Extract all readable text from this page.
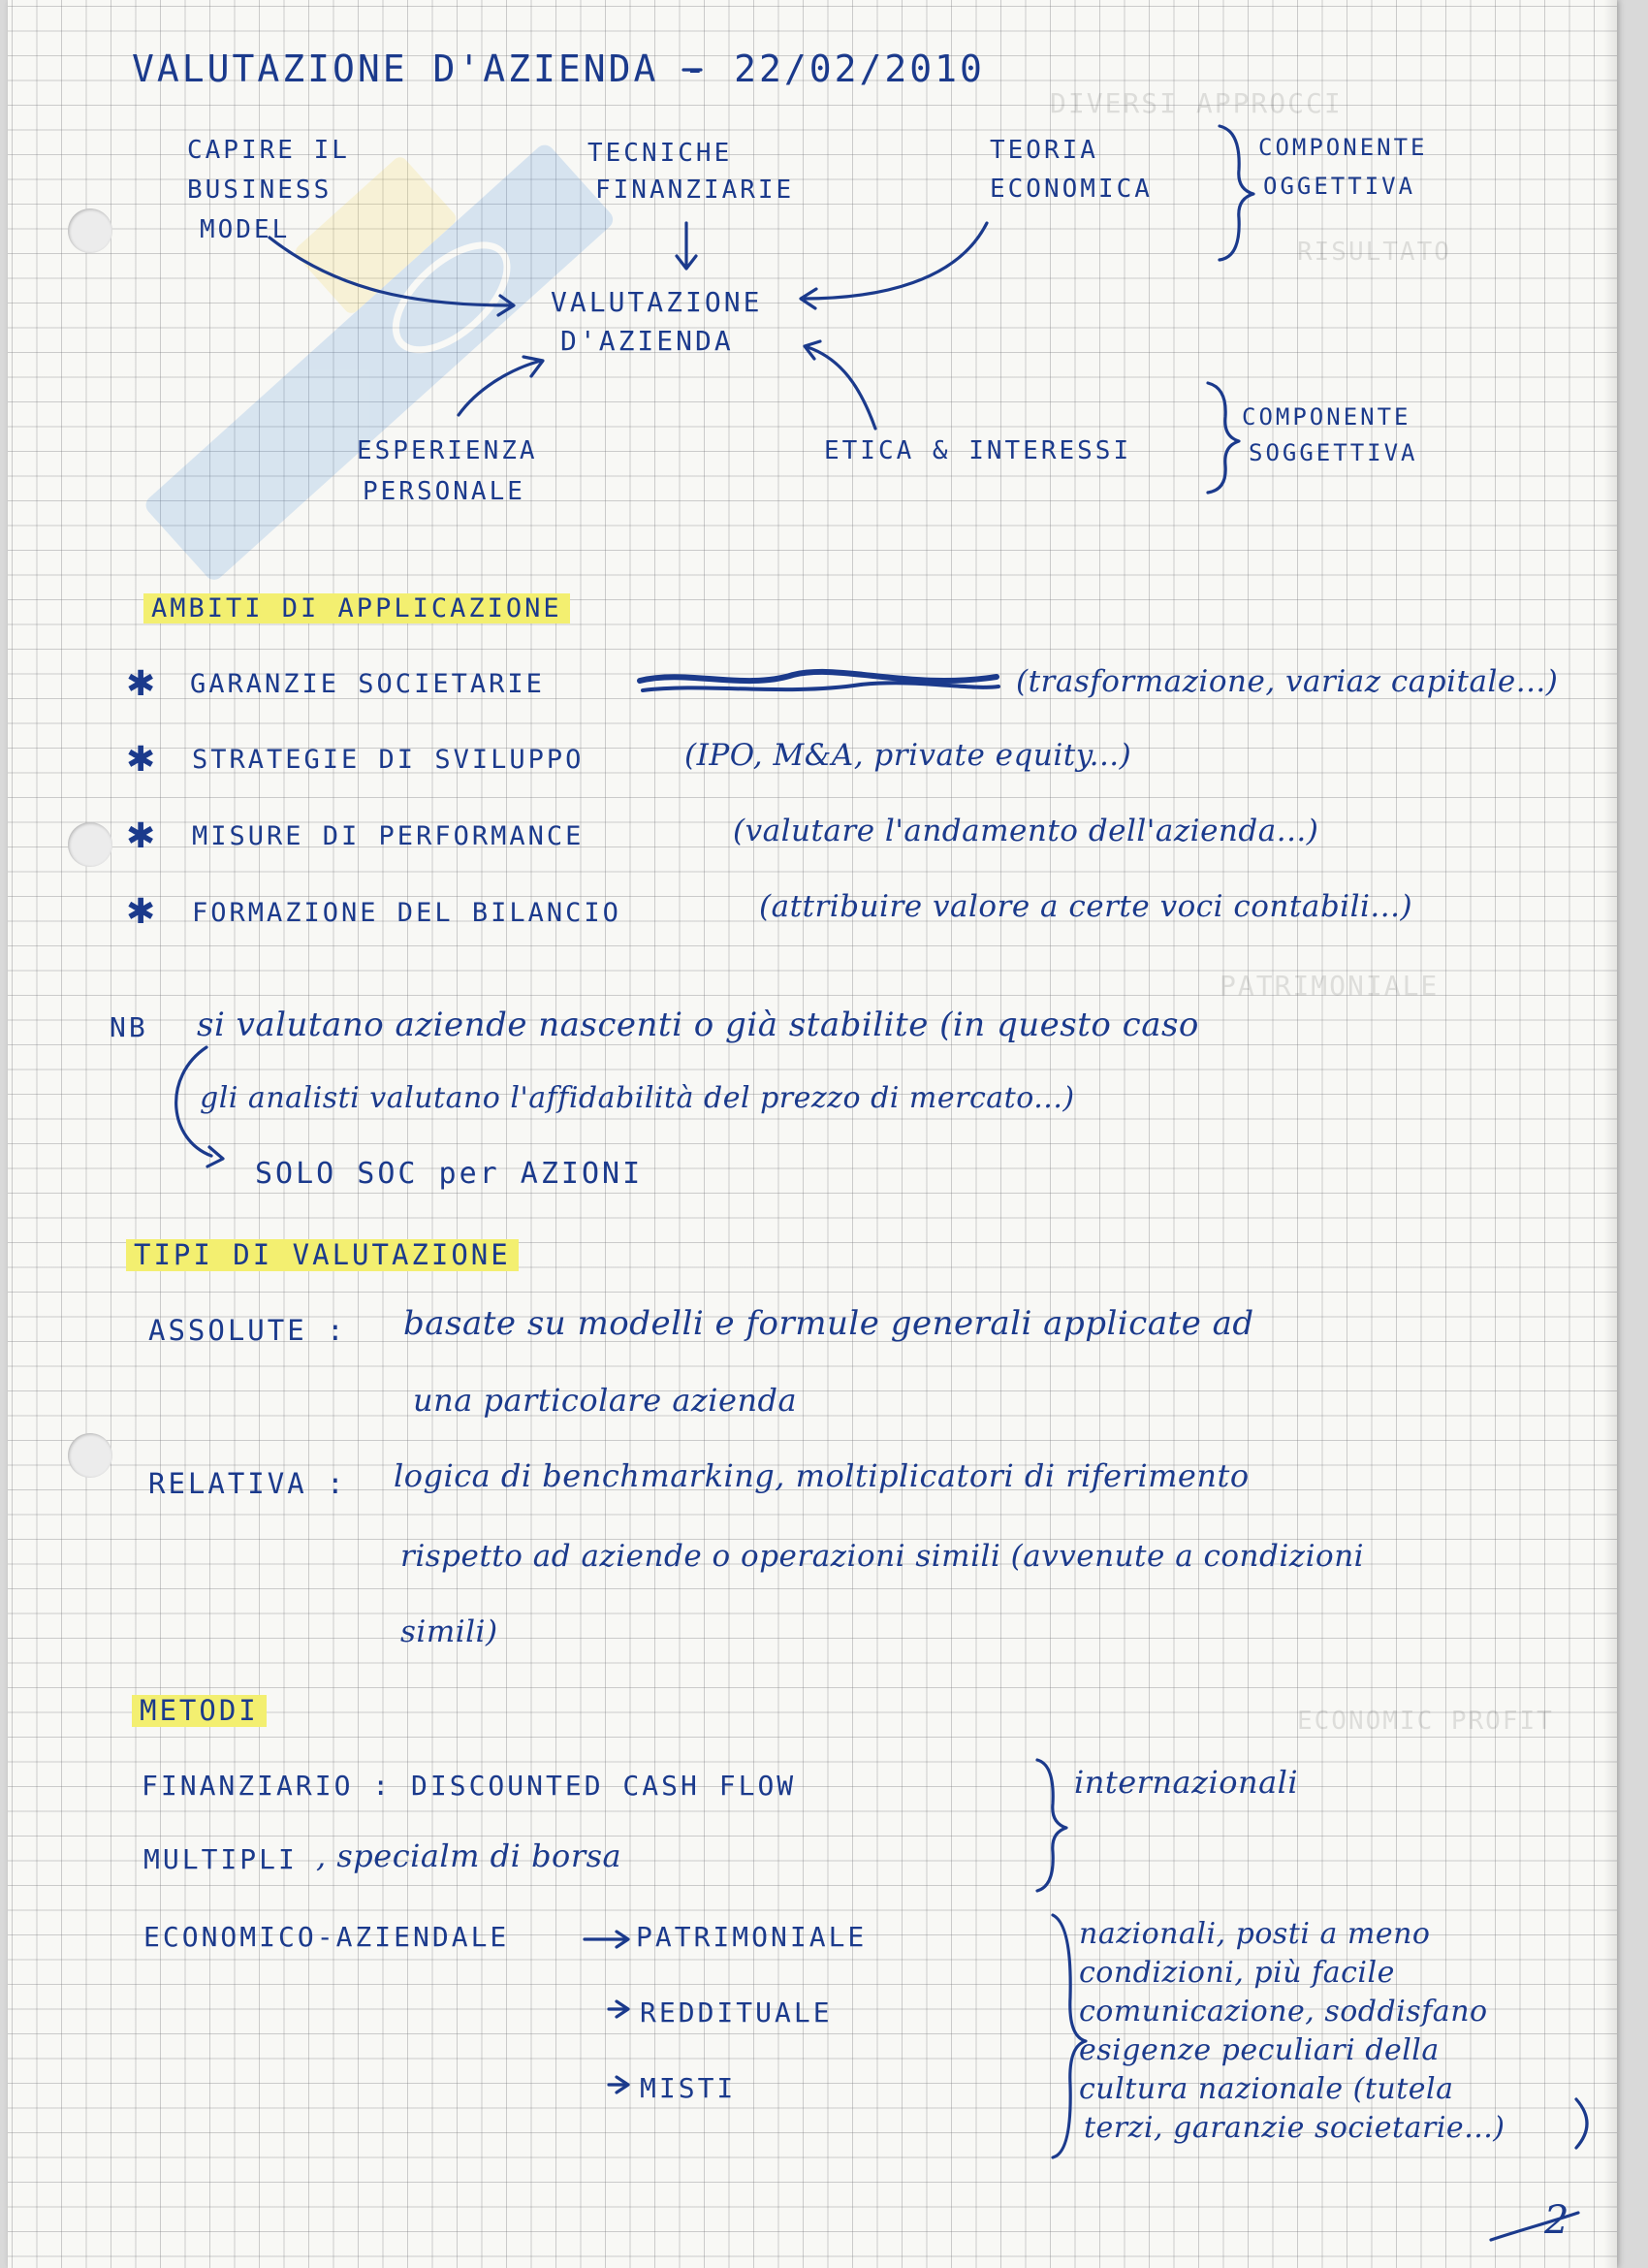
DIVERSI APPROCCI
RISULTATO
PATRIMONIALE
ECONOMIC PROFIT
VALUTAZIONE D'AZIENDA - 22/02/2010
CAPIRE IL
BUSINESS
MODEL
TECNICHE
FINANZIARIE
TEORIA
ECONOMICA
COMPONENTE
OGGETTIVA
VALUTAZIONE
D'AZIENDA
ESPERIENZA
PERSONALE
ETICA & INTERESSI
COMPONENTE
SOGGETTIVA
AMBITI DI APPLICAZIONE
✱ GARANZIE SOCIETARIE	(trasformazione, variaz capitale...)
✱ STRATEGIE DI SVILUPPO	(IPO, M&A, private equity...)
✱ MISURE DI PERFORMANCE	(valutare l'andamento dell'azienda...)
✱ FORMAZIONE DEL BILANCIO	(attribuire valore a certe voci contabili...)
NB si valutano aziende nascenti o già stabilite (in questo caso
gli analisti valutano l'affidabilità del prezzo di mercato...)
SOLO SOC per AZIONI
TIPI DI VALUTAZIONE
ASSOLUTE : basate su modelli e formule generali applicate ad
una particolare azienda
RELATIVA : logica di benchmarking, moltiplicatori di riferimento
rispetto ad aziende o operazioni simili (avvenute a condizioni
simili)
METODI
FINANZIARIO : DISCOUNTED CASH FLOW
MULTIPLI , specialm di borsa
internazionali
ECONOMICO-AZIENDALE	PATRIMONIALE
REDDITUALE
MISTI
nazionali, posti a meno
condizioni, più facile
comunicazione, soddisfano
esigenze peculiari della
cultura nazionale (tutela
terzi, garanzie societarie...)
2
